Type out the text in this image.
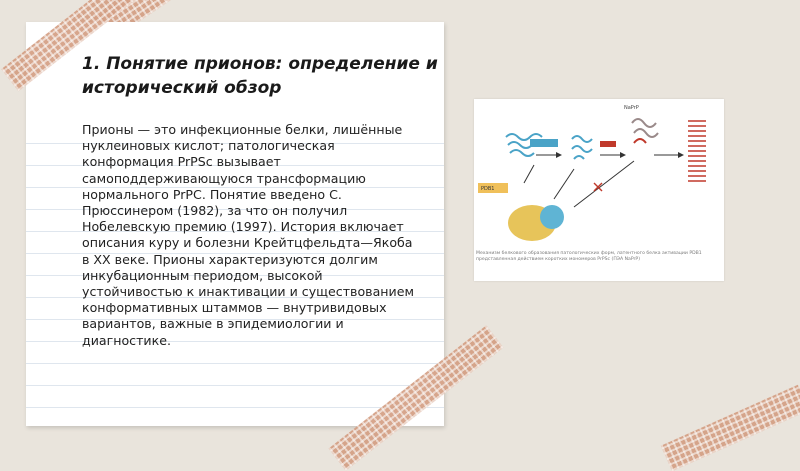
1. Понятие прионов: определение и исторический обзор

Прионы — это инфекционные белки, лишённые нуклеиновых кислот; патологическая конформация PrPSc вызывает самоподдерживающуюся трансформацию нормального PrPC. Понятие введено С. Прюссинером (1982), за что он получил Нобелевскую премию (1997). История включает описания куру и болезни Крейтцфельдта—Якоба в XX веке. Прионы характеризуются долгим инкубационным периодом, высокой устойчивостью к инактивации и существованием конформативных штаммов — внутривидовых вариантов, важные в эпидемиологии и диагностике.

NaPrP
PDB1
Механизм белкового образования патологических форм, латентного белка активации PDB1 представленная действием коротких мономеров PrPSc (ПЭА NaPrP)
